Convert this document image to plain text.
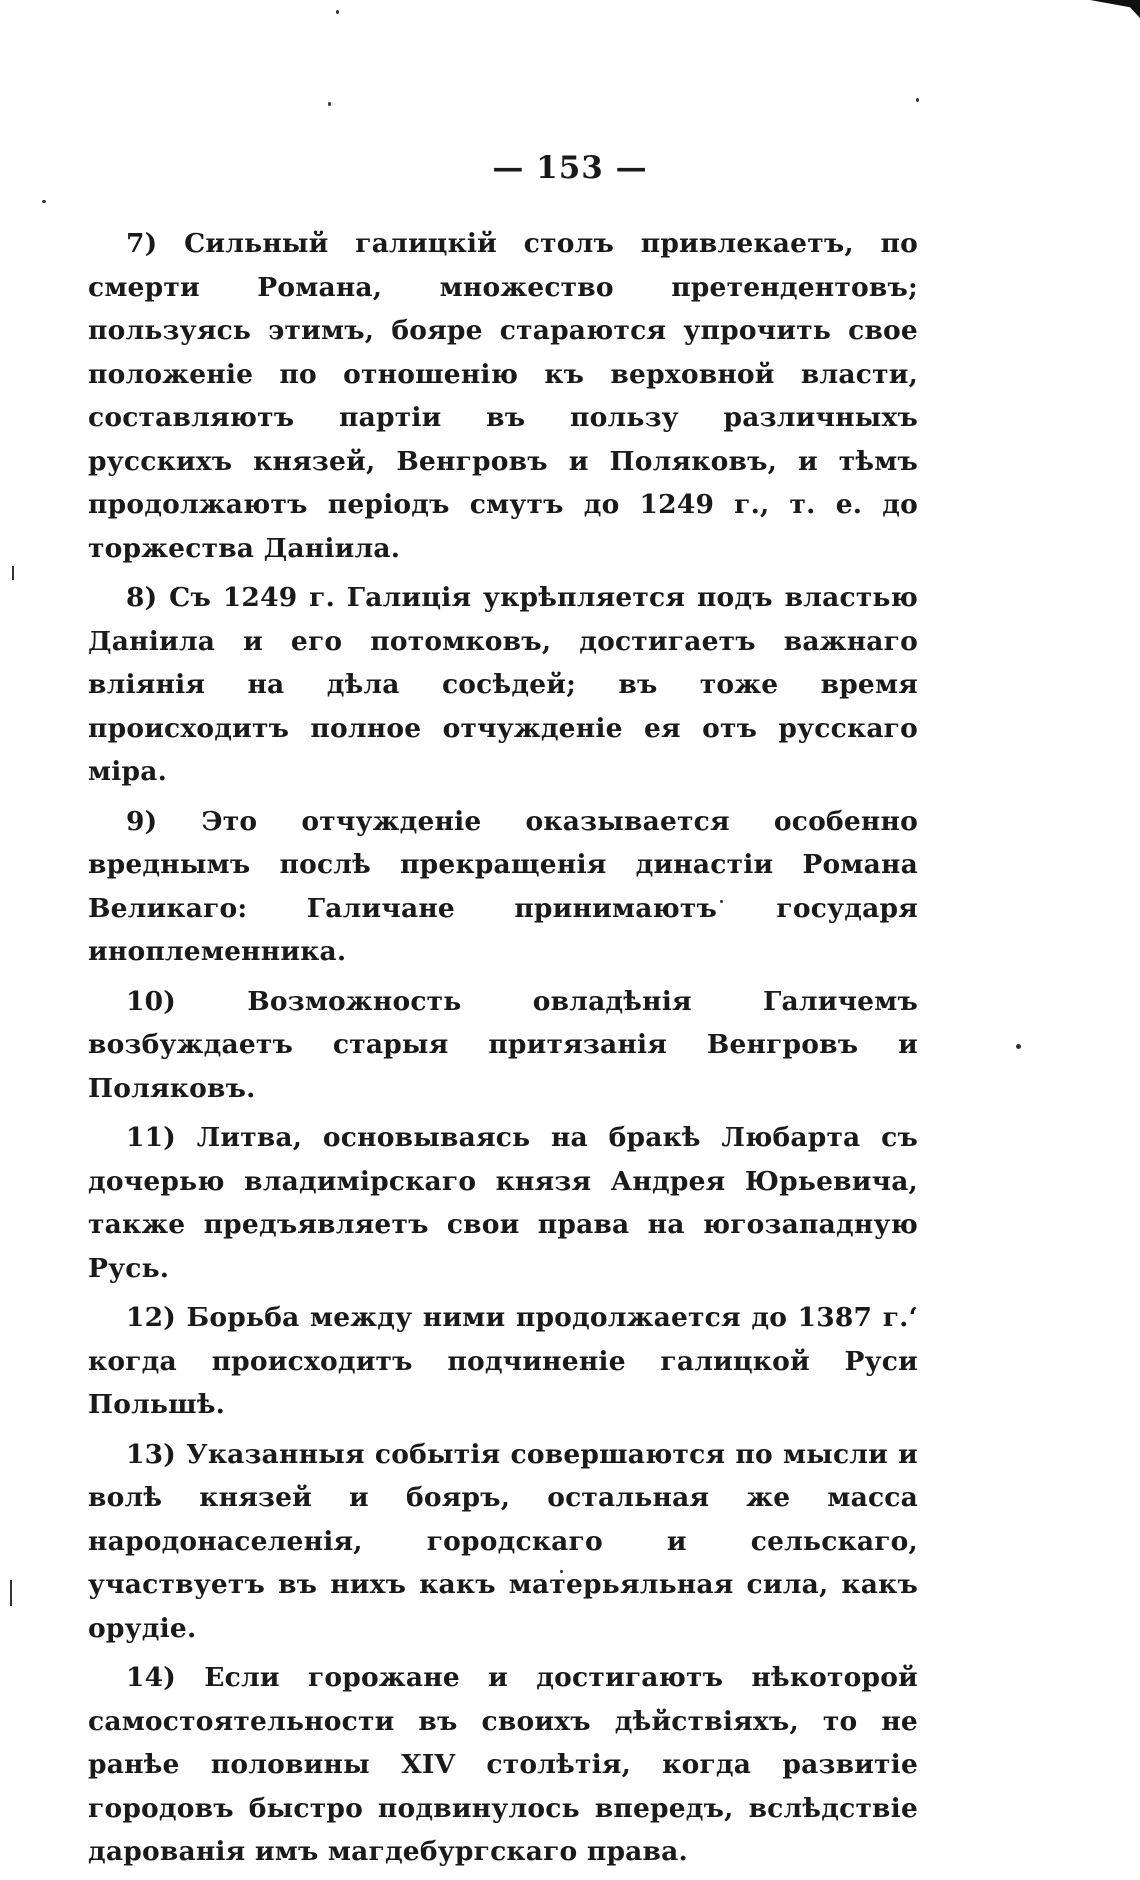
— 153 —

7) Сильный галицкій столъ привлекаетъ, по смерти Романа, множество претендентовъ; пользуясь этимъ, бояре стараются упрочить свое положеніе по отношенію къ верховной власти, составляютъ партіи въ пользу различныхъ русскихъ князей, Венгровъ и Поляковъ, и тѣмъ продолжаютъ періодъ смутъ до 1249 г., т. е. до торжества Даніила.

8) Съ 1249 г. Галиція укрѣпляется подъ властью Даніила и его потомковъ, достигаетъ важнаго вліянія на дѣла сосѣдей; въ тоже время происходитъ полное отчужденіе ея отъ русскаго міра.

9) Это отчужденіе оказывается особенно вреднымъ послѣ прекращенія династіи Романа Великаго: Галичане принимаютъ государя иноплеменника.

10) Возможность овладѣнія Галичемъ возбуждаетъ старыя притязанія Венгровъ и Поляковъ.

11) Литва, основываясь на бракѣ Любарта съ дочерью владимірскаго князя Андрея Юрьевича, также предъявляетъ свои права на югозападную Русь.

12) Борьба между ними продолжается до 1387 г.‘ когда происходитъ подчиненіе галицкой Руси Польшѣ.

13) Указанныя событія совершаются по мысли и волѣ князей и бояръ, остальная же масса народонаселенія, городскаго и сельскаго, участвуетъ въ нихъ какъ матерьяльная сила, какъ орудіе.

14) Если горожане и достигаютъ нѣкоторой самостоятельности въ своихъ дѣйствіяхъ, то не ранѣе половины XIV столѣтія, когда развитіе городовъ быстро подвинулось впередъ, вслѣдствіе дарованія имъ магдебургскаго права.
